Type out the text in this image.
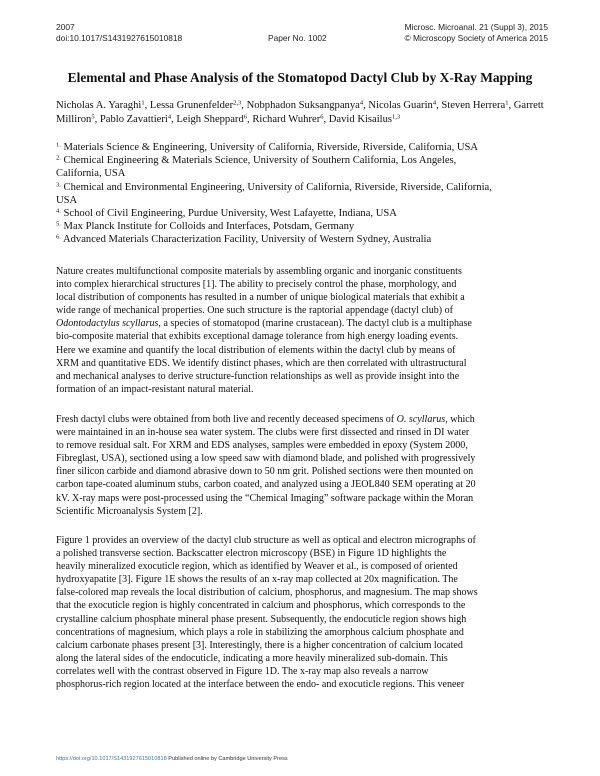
2007
doi:10.1017/S1431927615010818	Paper No. 1002
Microsc. Microanal. 21 (Suppl 3), 2015
© Microscopy Society of America 2015
Elemental and Phase Analysis of the Stomatopod Dactyl Club by X-Ray Mapping
Nicholas A. Yaraghi$^1$, Lessa Grunenfelder$^{2,3}$, Nobphadon Suksangpanya$^4$, Nicolas Guarin$^4$, Steven Herrera$^1$, Garrett Milliron$^5$, Pablo Zavattieri$^4$, Leigh Sheppard$^6$, Richard Wuhrer$^6$, David Kisailus$^{1,3}$
$^{1.}$ Materials Science & Engineering, University of California, Riverside, Riverside, California, USA
$^{2.}$ Chemical Engineering & Materials Science, University of Southern California, Los Angeles,
California, USA
$^{3.}$ Chemical and Environmental Engineering, University of California, Riverside, Riverside, California,
USA
$^{4.}$ School of Civil Engineering, Purdue University, West Lafayette, Indiana, USA
$^{5.}$ Max Planck Institute for Colloids and Interfaces, Potsdam, Germany
$^{6.}$ Advanced Materials Characterization Facility, University of Western Sydney, Australia
Nature creates multifunctional composite materials by assembling organic and inorganic constituents
into complex hierarchical structures [1]. The ability to precisely control the phase, morphology, and
local distribution of components has resulted in a number of unique biological materials that exhibit a
wide range of mechanical properties. One such structure is the raptorial appendage (dactyl club) of
Odontodactylus scyllarus, a species of stomatopod (marine crustacean). The dactyl club is a multiphase
bio-composite material that exhibits exceptional damage tolerance from high energy loading events.
Here we examine and quantify the local distribution of elements within the dactyl club by means of
XRM and quantitative EDS. We identify distinct phases, which are then correlated with ultrastructural
and mechanical analyses to derive structure-function relationships as well as provide insight into the
formation of an impact-resistant natural material.
Fresh dactyl clubs were obtained from both live and recently deceased specimens of O. scyllarus, which
were maintained in an in-house sea water system. The clubs were first dissected and rinsed in DI water
to remove residual salt. For XRM and EDS analyses, samples were embedded in epoxy (System 2000,
Fibreglast, USA), sectioned using a low speed saw with diamond blade, and polished with progressively
finer silicon carbide and diamond abrasive down to 50 nm grit. Polished sections were then mounted on
carbon tape-coated aluminum stubs, carbon coated, and analyzed using a JEOL840 SEM operating at 20
kV. X-ray maps were post-processed using the “Chemical Imaging” software package within the Moran
Scientific Microanalysis System [2].
Figure 1 provides an overview of the dactyl club structure as well as optical and electron micrographs of
a polished transverse section. Backscatter electron microscopy (BSE) in Figure 1D highlights the
heavily mineralized exocuticle region, which as identified by Weaver et al., is composed of oriented
hydroxyapatite [3]. Figure 1E shows the results of an x-ray map collected at 20x magnification. The
false-colored map reveals the local distribution of calcium, phosphorus, and magnesium. The map shows
that the exocuticle region is highly concentrated in calcium and phosphorus, which corresponds to the
crystalline calcium phosphate mineral phase present. Subsequently, the endocuticle region shows high
concentrations of magnesium, which plays a role in stabilizing the amorphous calcium phosphate and
calcium carbonate phases present [3]. Interestingly, there is a higher concentration of calcium located
along the lateral sides of the endocuticle, indicating a more heavily mineralized sub-domain. This
correlates well with the contrast observed in Figure 1D. The x-ray map also reveals a narrow
phosphorus-rich region located at the interface between the endo- and exocuticle regions. This veneer
https://doi.org/10.1017/S1431927615010818 Published online by Cambridge University Press
